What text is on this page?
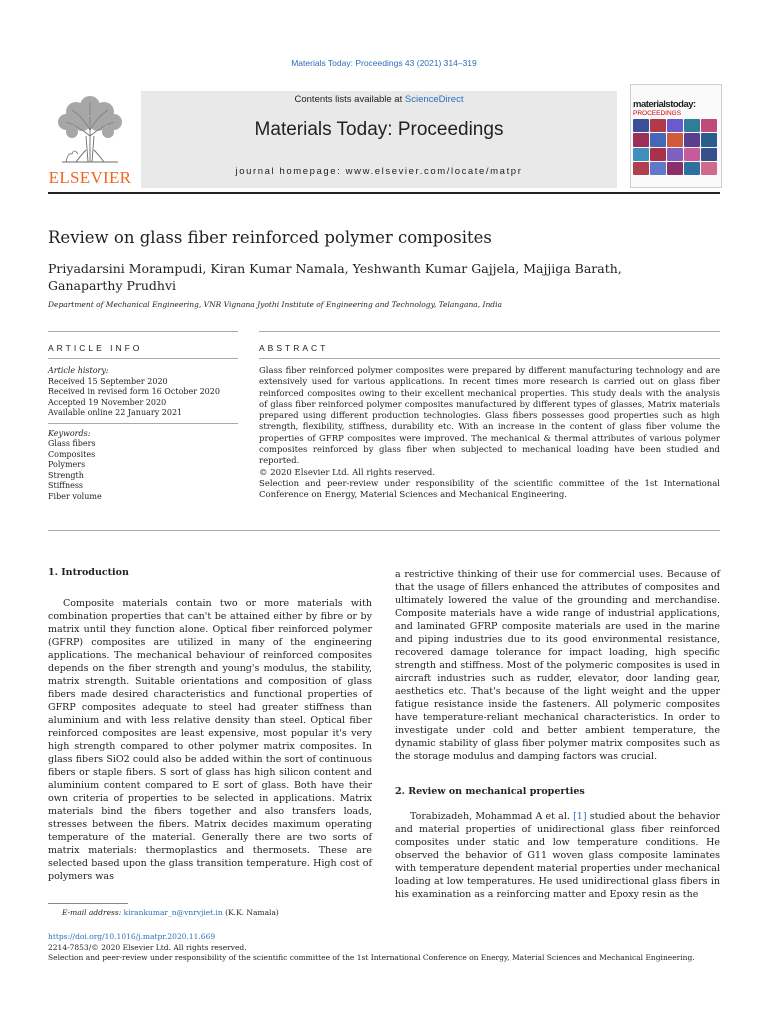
Materials Today: Proceedings 43 (2021) 314–319
ELSEVIER
Contents lists available at ScienceDirect
Materials Today: Proceedings
journal homepage: www.elsevier.com/locate/matpr
materialstoday:
PROCEEDINGS
Review on glass fiber reinforced polymer composites
Priyadarsini Morampudi, Kiran Kumar Namala, Yeshwanth Kumar Gajjela, Majjiga Barath,
Ganaparthy Prudhvi
Department of Mechanical Engineering, VNR Vignana Jyothi Institute of Engineering and Technology, Telangana, India
ARTICLE INFO	ABSTRACT
Article history:
Received 15 September 2020
Received in revised form 16 October 2020
Accepted 19 November 2020
Available online 22 January 2021
Keywords:
Glass fibers
Composites
Polymers
Strength
Stiffness
Fiber volume

Glass fiber reinforced polymer composites were prepared by different manufacturing technology and are extensively used for various applications. In recent times more research is carried out on glass fiber reinforced composites owing to their excellent mechanical properties. This study deals with the analysis of glass fiber reinforced polymer composites manufactured by different types of glasses, Matrix materials prepared using different production technologies. Glass fibers possesses good properties such as high strength, flexibility, stiffness, durability etc. With an increase in the content of glass fiber volume the properties of GFRP composites were improved. The mechanical & thermal attributes of various polymer composites reinforced by glass fiber when subjected to mechanical loading have been studied and reported.

© 2020 Elsevier Ltd. All rights reserved.

Selection and peer-review under responsibility of the scientific committee of the 1st International Conference on Energy, Material Sciences and Mechanical Engineering.

1. Introduction

Composite materials contain two or more materials with combination properties that can't be attained either by fibre or by matrix until they function alone. Optical fiber reinforced polymer (GFRP) composites are utilized in many of the engineering applications. The mechanical behaviour of reinforced composites depends on the fiber strength and young's modulus, the stability, matrix strength. Suitable orientations and composition of glass fibers made desired characteristics and functional properties of GFRP composites adequate to steel had greater stiffness than aluminium and with less relative density than steel. Optical fiber reinforced composites are least expensive, most popular it's very high strength compared to other polymer matrix composites. In glass fibers SiO2 could also be added within the sort of continuous fibers or staple fibers. S sort of glass has high silicon content and aluminium content compared to E sort of glass. Both have their own criteria of properties to be selected in applications. Matrix materials bind the fibers together and also transfers loads, stresses between the fibers. Matrix decides maximum operating temperature of the material. Generally there are two sorts of matrix materials: thermoplastics and thermosets. These are selected based upon the glass transition temperature. High cost of polymers was

a restrictive thinking of their use for commercial uses. Because of that the usage of fillers enhanced the attributes of composites and ultimately lowered the value of the grounding and merchandise. Composite materials have a wide range of industrial applications, and laminated GFRP composite materials are used in the marine and piping industries due to its good environmental resistance, recovered damage tolerance for impact loading, high specific strength and stiffness. Most of the polymeric composites is used in aircraft industries such as rudder, elevator, door landing gear, aesthetics etc. That's because of the light weight and the upper fatigue resistance inside the fasteners. All polymeric composites have temperature-reliant mechanical characteristics. In order to investigate under cold and better ambient temperature, the dynamic stability of glass fiber polymer matrix composites such as the storage modulus and damping factors was crucial.

2. Review on mechanical properties

Torabizadeh, Mohammad A et al. [1] studied about the behavior and material properties of unidirectional glass fiber reinforced composites under static and low temperature conditions. He observed the behavior of G11 woven glass composite laminates with temperature dependent material properties under mechanical loading at low temperatures. He used unidirectional glass fibers in his examination as a reinforcing matter and Epoxy resin as the

E-mail address: kirankumar_n@vnrvjiet.in (K.K. Namala)
https://doi.org/10.1016/j.matpr.2020.11.669
2214-7853/© 2020 Elsevier Ltd. All rights reserved.
Selection and peer-review under responsibility of the scientific committee of the 1st International Conference on Energy, Material Sciences and Mechanical Engineering.
